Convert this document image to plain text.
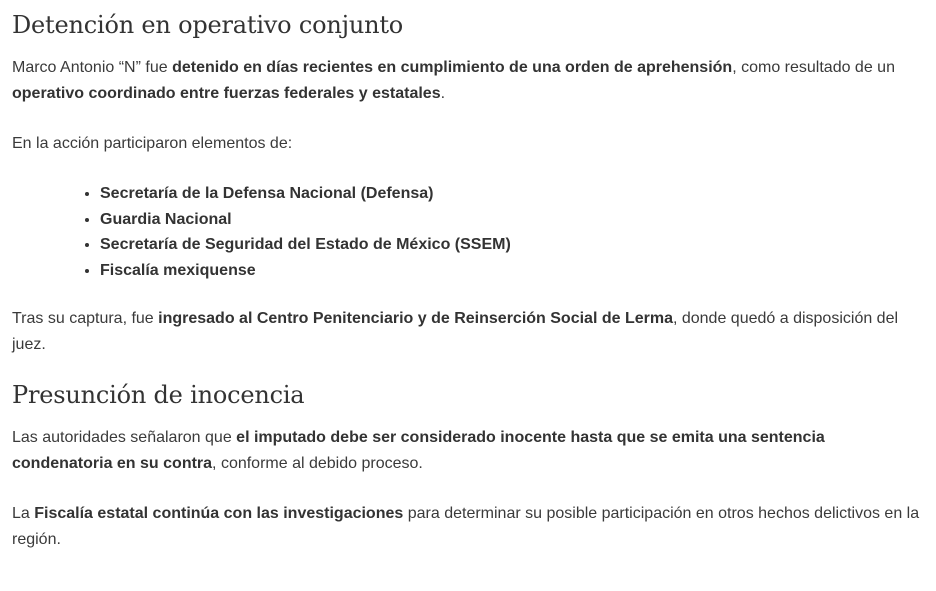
Detención en operativo conjunto

Marco Antonio “N” fue detenido en días recientes en cumplimiento de una orden de aprehensión, como resultado de un operativo coordinado entre fuerzas federales y estatales.

En la acción participaron elementos de:

• Secretaría de la Defensa Nacional (Defensa)
• Guardia Nacional
• Secretaría de Seguridad del Estado de México (SSEM)
• Fiscalía mexiquense

Tras su captura, fue ingresado al Centro Penitenciario y de Reinserción Social de Lerma, donde quedó a disposición del juez.

Presunción de inocencia

Las autoridades señalaron que el imputado debe ser considerado inocente hasta que se emita una sentencia condenatoria en su contra, conforme al debido proceso.

La Fiscalía estatal continúa con las investigaciones para determinar su posible participación en otros hechos delictivos en la región.
